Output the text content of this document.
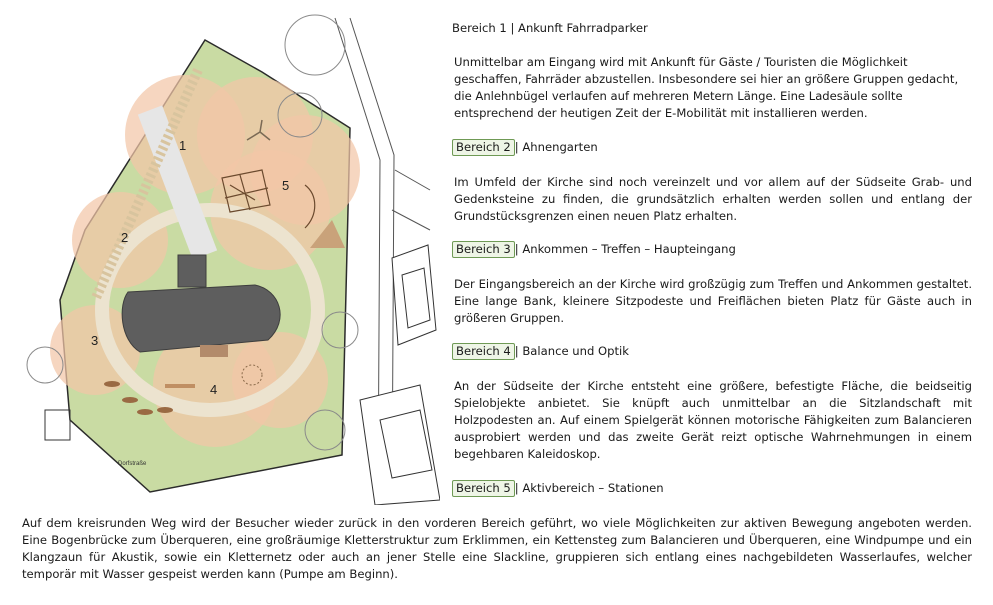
1
2
3
4
5
Dorfstraße
Bereich 1 | Ankunft Fahrradparker
Unmittelbar am Eingang wird mit Ankunft für Gäste / Touristen die Möglichkeit geschaffen, Fahrräder abzustellen. Insbesondere sei hier an größere Gruppen gedacht, die Anlehnbügel verlaufen auf mehreren Metern Länge. Eine Ladesäule sollte entsprechend der heutigen Zeit der E-Mobilität mit installieren werden.
Bereich 2 | Ahnengarten
Im Umfeld der Kirche sind noch vereinzelt und vor allem auf der Südseite Grab- und Gedenksteine zu finden, die grundsätzlich erhalten werden sollen und entlang der Grundstücksgrenzen einen neuen Platz erhalten.
Bereich 3 | Ankommen – Treffen – Haupteingang
Der Eingangsbereich an der Kirche wird großzügig zum Treffen und Ankommen gestaltet. Eine lange Bank, kleinere Sitzpodeste und Freiflächen bieten Platz für Gäste auch in größeren Gruppen.
Bereich 4 | Balance und Optik
An der Südseite der Kirche entsteht eine größere, befestigte Fläche, die beidseitig Spielobjekte anbietet. Sie knüpft auch unmittelbar an die Sitzlandschaft mit Holzpodesten an. Auf einem Spielgerät können motorische Fähigkeiten zum Balancieren ausprobiert werden und das zweite Gerät reizt optische Wahrnehmungen in einem begehbaren Kaleidoskop.
Bereich 5 | Aktivbereich – Stationen
Auf dem kreisrunden Weg wird der Besucher wieder zurück in den vorderen Bereich geführt, wo viele Möglichkeiten zur aktiven Bewegung angeboten werden. Eine Bogenbrücke zum Überqueren, eine großräumige Kletterstruktur zum Erklimmen, ein Kettensteg zum Balancieren und Überqueren, eine Windpumpe und ein Klangzaun für Akustik, sowie ein Kletternetz oder auch an jener Stelle eine Slackline, gruppieren sich entlang eines nachgebildeten Wasserlaufes, welcher temporär mit Wasser gespeist werden kann (Pumpe am Beginn).
